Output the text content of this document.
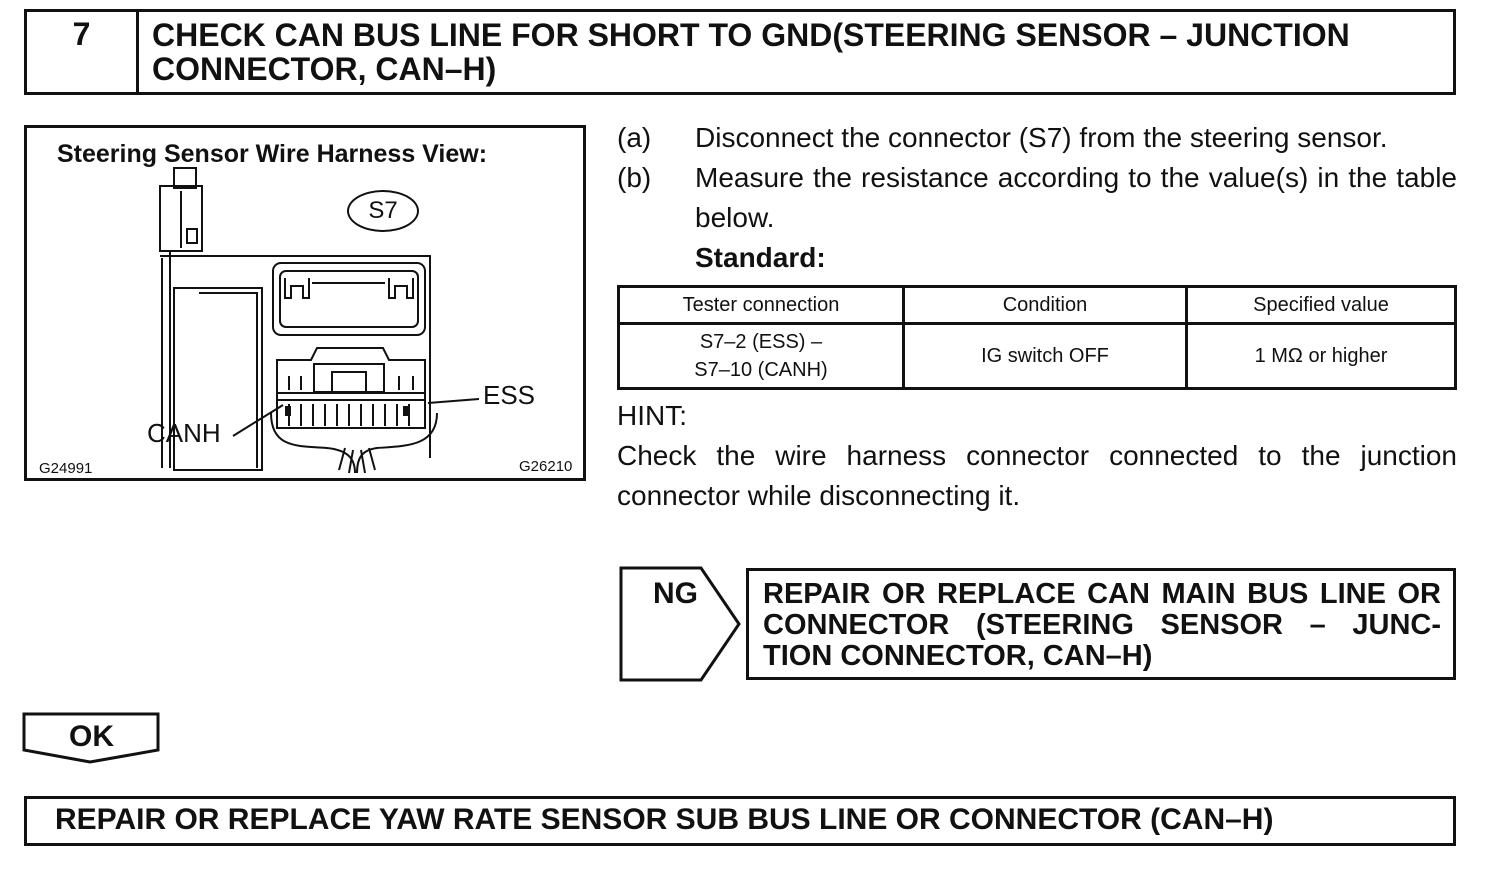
7	CHECK CAN BUS LINE FOR SHORT TO GND(STEERING SENSOR – JUNCTION CONNECTOR, CAN–H)
Steering Sensor Wire Harness View:
S7
ESS
CANH
G24991	G26210
(a)	Disconnect the connector (S7) from the steering sensor.
(b)	Measure the resistance according to the value(s) in the table below.
Standard:
Tester connection	Condition	Specified value
S7–2 (ESS) –
S7–10 (CANH)	IG switch OFF	1 MΩ or higher
HINT:
Check the wire harness connector connected to the junction connector while disconnecting it.
NG REPAIR OR REPLACE CAN MAIN BUS LINE OR
CONNECTOR (STEERING SENSOR – JUNC-
TION CONNECTOR, CAN–H)
OK
REPAIR OR REPLACE YAW RATE SENSOR SUB BUS LINE OR CONNECTOR (CAN–H)
